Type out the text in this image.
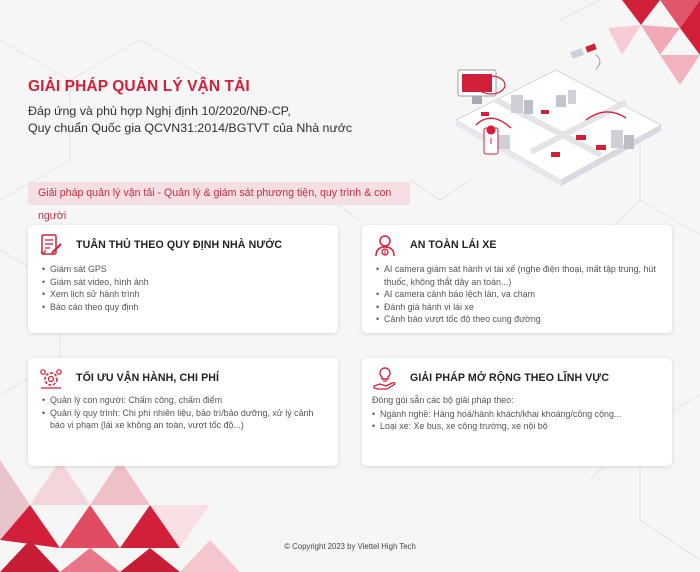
GIẢI PHÁP QUẢN LÝ VẬN TẢI
Đáp ứng và phù hợp Nghị định 10/2020/NĐ-CP,
Quy chuẩn Quốc gia QCVN31:2014/BGTVT của Nhà nước
Giải pháp quản lý vận tải - Quản lý & giám sát phương tiện, quy trình & con người
TUÂN THỦ THEO QUY ĐỊNH NHÀ NƯỚC
• Giám sát GPS
• Giám sát video, hình ảnh
• Xem lịch sử hành trình
• Báo cáo theo quy định
AN TOÀN LÁI XE
• AI camera giám sát hành vi tài xế (nghe điện thoại, mất tập trung, hút thuốc, không thắt dây an toàn...)
• AI camera cảnh báo lệch làn, va chạm
• Đánh giá hành vi lái xe
• Cảnh báo vượt tốc độ theo cung đường
TỐI ƯU VẬN HÀNH, CHI PHÍ
• Quản lý con người: Chấm công, chấm điểm
• Quản lý quy trình: Chi phí nhiên liệu, bảo trì/bảo dưỡng, xử lý cảnh báo vi phạm (lái xe không an toàn, vượt tốc độ...)
GIẢI PHÁP MỞ RỘNG THEO LĨNH VỰC
Đóng gói sẵn các bộ giải pháp theo:
• Ngành nghề: Hàng hoá/hành khách/khai khoáng/công cộng...
• Loại xe: Xe bus, xe công trường, xe nội bộ
© Copyright 2023 by Viettel High Tech
